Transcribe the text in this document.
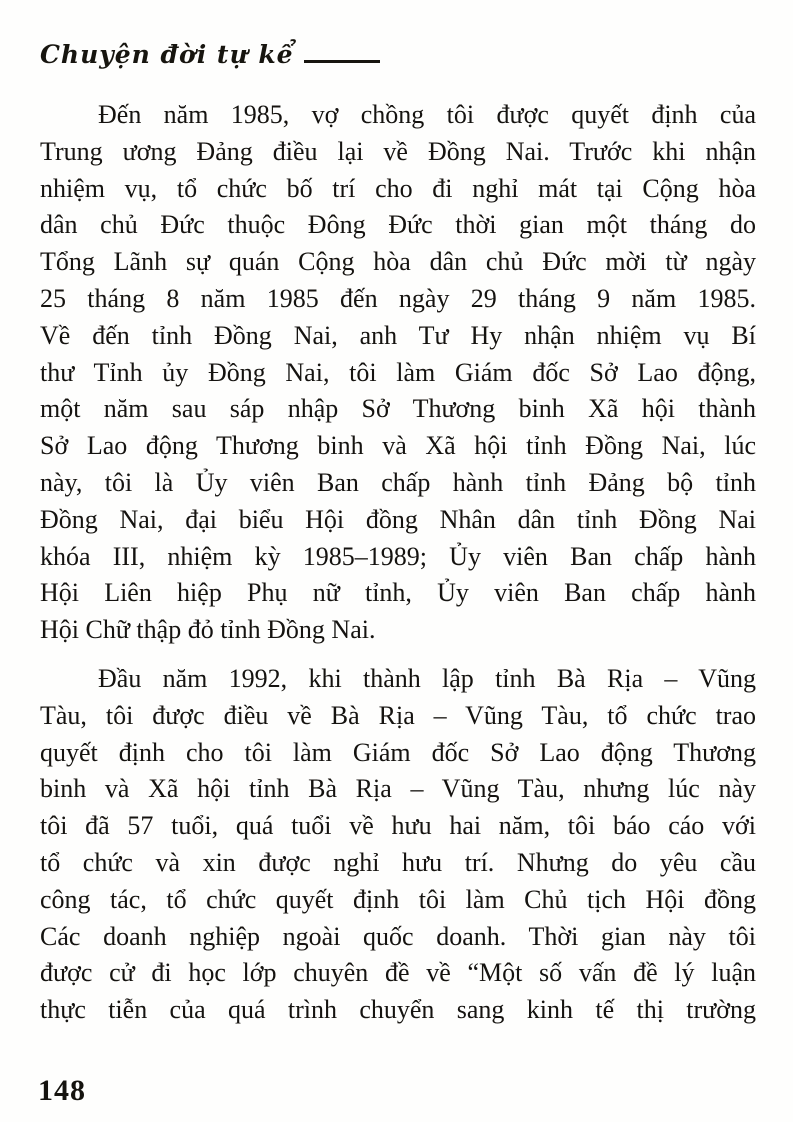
Chuyện đời tự kể
Đến năm 1985, vợ chồng tôi được quyết định của
Trung ương Đảng điều lại về Đồng Nai. Trước khi nhận
nhiệm vụ, tổ chức bố trí cho đi nghỉ mát tại Cộng hòa
dân chủ Đức thuộc Đông Đức thời gian một tháng do
Tổng Lãnh sự quán Cộng hòa dân chủ Đức mời từ ngày
25 tháng 8 năm 1985 đến ngày 29 tháng 9 năm 1985.
Về đến tỉnh Đồng Nai, anh Tư Hy nhận nhiệm vụ Bí
thư Tỉnh ủy Đồng Nai, tôi làm Giám đốc Sở Lao động,
một năm sau sáp nhập Sở Thương binh Xã hội thành
Sở Lao động Thương binh và Xã hội tỉnh Đồng Nai, lúc
này, tôi là Ủy viên Ban chấp hành tỉnh Đảng bộ tỉnh
Đồng Nai, đại biểu Hội đồng Nhân dân tỉnh Đồng Nai
khóa III, nhiệm kỳ 1985–1989; Ủy viên Ban chấp hành
Hội Liên hiệp Phụ nữ tỉnh, Ủy viên Ban chấp hành
Hội Chữ thập đỏ tỉnh Đồng Nai.
Đầu năm 1992, khi thành lập tỉnh Bà Rịa – Vũng
Tàu, tôi được điều về Bà Rịa – Vũng Tàu, tổ chức trao
quyết định cho tôi làm Giám đốc Sở Lao động Thương
binh và Xã hội tỉnh Bà Rịa – Vũng Tàu, nhưng lúc này
tôi đã 57 tuổi, quá tuổi về hưu hai năm, tôi báo cáo với
tổ chức và xin được nghỉ hưu trí. Nhưng do yêu cầu
công tác, tổ chức quyết định tôi làm Chủ tịch Hội đồng
Các doanh nghiệp ngoài quốc doanh. Thời gian này tôi
được cử đi học lớp chuyên đề về “Một số vấn đề lý luận
thực tiễn của quá trình chuyển sang kinh tế thị trường
148
